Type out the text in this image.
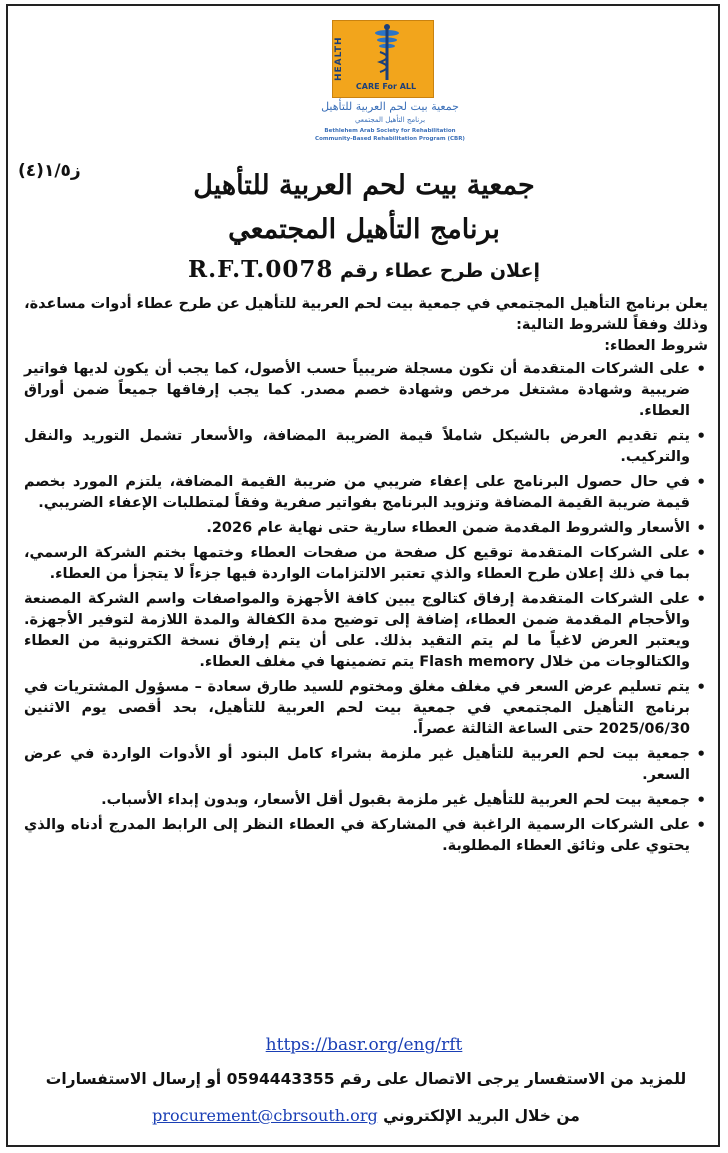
HEALTH
CARE For ALL
جمعية بيت لحم العربية للتأهيل
برنامج التأهيل المجتمعي
Bethlehem Arab Society for Rehabilitation
Community-Based Rehabilitation Program (CBR)
ز١/٥(٤)	جمعية بيت لحم العربية للتأهيل
برنامج التأهيل المجتمعي
إعلان طرح عطاء رقم R.F.T.0078

يعلن برنامج التأهيل المجتمعي في جمعية بيت لحم العربية للتأهيل عن طرح عطاء أدوات مساعدة،

وذلك وفقاً للشروط التالية:

شروط العطاء:

• على الشركات المتقدمة أن تكون مسجلة ضريبياً حسب الأصول، كما يجب أن يكون لديها فواتير ضريبية وشهادة مشتغل مرخص وشهادة خصم مصدر. كما يجب إرفاقها جميعاً ضمن أوراق العطاء.
• يتم تقديم العرض بالشيكل شاملاً قيمة الضريبة المضافة، والأسعار تشمل التوريد والنقل والتركيب.
• في حال حصول البرنامج على إعفاء ضريبي من ضريبة القيمة المضافة، يلتزم المورد بخصم قيمة ضريبة القيمة المضافة وتزويد البرنامج بفواتير صفرية وفقاً لمتطلبات الإعفاء الضريبي.
• الأسعار والشروط المقدمة ضمن العطاء سارية حتى نهاية عام 2026.
• على الشركات المتقدمة توقيع كل صفحة من صفحات العطاء وختمها بختم الشركة الرسمي، بما في ذلك إعلان طرح العطاء والذي تعتبر الالتزامات الواردة فيها جزءاً لا يتجزأ من العطاء.
• على الشركات المتقدمة إرفاق كتالوج يبين كافة الأجهزة والمواصفات واسم الشركة المصنعة والأحجام المقدمة ضمن العطاء، إضافة إلى توضيح مدة الكفالة والمدة اللازمة لتوفير الأجهزة. ويعتبر العرض لاغياً ما لم يتم التقيد بذلك. على أن يتم إرفاق نسخة الكترونية من العطاء والكتالوجات من خلال Flash memory يتم تضمينها في مغلف العطاء.
• يتم تسليم عرض السعر في مغلف مغلق ومختوم للسيد طارق سعادة – مسؤول المشتريات في برنامج التأهيل المجتمعي في جمعية بيت لحم العربية للتأهيل، بحد أقصى يوم الاثنين 2025/06/30 حتى الساعة الثالثة عصراً.
• جمعية بيت لحم العربية للتأهيل غير ملزمة بشراء كامل البنود أو الأدوات الواردة في عرض السعر.
• جمعية بيت لحم العربية للتأهيل غير ملزمة بقبول أقل الأسعار، وبدون إبداء الأسباب.
• على الشركات الرسمية الراغبة في المشاركة في العطاء النظر إلى الرابط المدرج أدناه والذي يحتوي على وثائق العطاء المطلوبة.
https://basr.org/eng/rft
للمزيد من الاستفسار يرجى الاتصال على رقم 0594443355 أو إرسال الاستفسارات
من خلال البريد الإلكتروني procurement@cbrsouth.org
